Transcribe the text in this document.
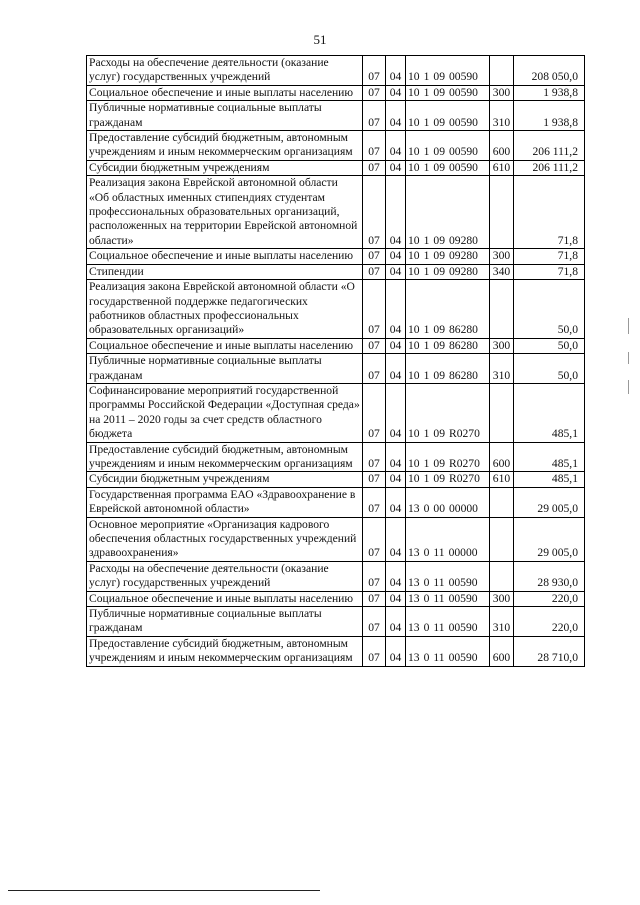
51
Расходы на обеспечение деятельности (оказание услуг) государственных учреждений	07	04	10 1 09 00590		208 050,0
Социальное обеспечение и иные выплаты населению	07	04	10 1 09 00590	300	1 938,8
Публичные нормативные социальные выплаты гражданам	07	04	10 1 09 00590	310	1 938,8
Предоставление субсидий бюджетным, автономным учреждениям и иным некоммерческим организациям	07	04	10 1 09 00590	600	206 111,2
Субсидии бюджетным учреждениям	07	04	10 1 09 00590	610	206 111,2
Реализация закона Еврейской автономной области «Об областных именных стипендиях студентам профессиональных образовательных организаций, расположенных на территории Еврейской автономной области»	07	04	10 1 09 09280		71,8
Социальное обеспечение и иные выплаты населению	07	04	10 1 09 09280	300	71,8
Стипендии	07	04	10 1 09 09280	340	71,8
Реализация закона Еврейской автономной области «О государственной поддержке педагогических работников областных профессиональных образовательных организаций»	07	04	10 1 09 86280		50,0
Социальное обеспечение и иные выплаты населению	07	04	10 1 09 86280	300	50,0
Публичные нормативные социальные выплаты гражданам	07	04	10 1 09 86280	310	50,0
Софинансирование мероприятий государственной программы Российской Федерации «Доступная среда» на 2011 – 2020 годы за счет средств областного бюджета	07	04	10 1 09 R0270		485,1
Предоставление субсидий бюджетным, автономным учреждениям и иным некоммерческим организациям	07	04	10 1 09 R0270	600	485,1
Субсидии бюджетным учреждениям	07	04	10 1 09 R0270	610	485,1
Государственная программа ЕАО «Здравоохранение в Еврейской автономной области»	07	04	13 0 00 00000		29 005,0
Основное мероприятие «Организация кадрового обеспечения областных государственных учреждений здравоохранения»	07	04	13 0 11 00000		29 005,0
Расходы на обеспечение деятельности (оказание услуг) государственных учреждений	07	04	13 0 11 00590		28 930,0
Социальное обеспечение и иные выплаты населению	07	04	13 0 11 00590	300	220,0
Публичные нормативные социальные выплаты гражданам	07	04	13 0 11 00590	310	220,0
Предоставление субсидий бюджетным, автономным учреждениям и иным некоммерческим организациям	07	04	13 0 11 00590	600	28 710,0
